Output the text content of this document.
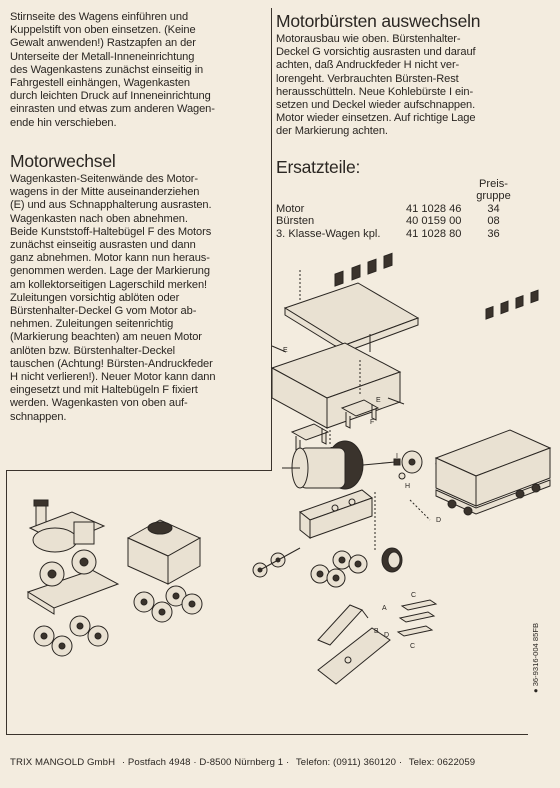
Stirnseite des Wagens einführen und
Kuppelstift von oben einsetzen. (Keine
Gewalt anwenden!) Rastzapfen an der
Unterseite der Metall-Inneneinrichtung
des Wagenkastens zunächst einseitig in
Fahrgestell einhängen, Wagenkasten
durch leichten Druck auf Inneneinrichtung
einrasten und etwas zum anderen Wagen-
ende hin verschieben.

Motorwechsel

Wagenkasten-Seitenwände des Motor-
wagens in der Mitte auseinanderziehen
(E) und aus Schnapphalterung ausrasten.
Wagenkasten nach oben abnehmen.
Beide Kunststoff-Haltebügel F des Motors
zunächst einseitig ausrasten und dann
ganz abnehmen. Motor kann nun heraus-
genommen werden. Lage der Markierung
am kollektorseitigen Lagerschild merken!
Zuleitungen vorsichtig ablöten oder
Bürstenhalter-Deckel G vom Motor ab-
nehmen. Zuleitungen seitenrichtig
(Markierung beachten) am neuen Motor
anlöten bzw. Bürstenhalter-Deckel
tauschen (Achtung! Bürsten-Andruckfeder
H nicht verlieren!). Neuer Motor kann dann
eingesetzt und mit Haltebügeln F fixiert
werden. Wagenkasten von oben auf-
schnappen.

Motorbürsten auswechseln

Motorausbau wie oben. Bürstenhalter-
Deckel G vorsichtig ausrasten und darauf
achten, daß Andruckfeder H nicht ver-
lorengeht. Verbrauchten Bürsten-Rest
herausschütteln. Neue Kohlebürste I ein-
setzen und Deckel wieder aufschnappen.
Motor wieder einsetzen. Auf richtige Lage
der Markierung achten.

Ersatzteile:
		Preis-
		gruppe
Motor	41 1028 46	34
Bürsten	40 0159 00	08
3. Klasse-Wagen kpl.	41 1028 80	36
E
E
F
I
H
A
B
D
C
C
D
● 36-9316-004 85FB
TRIX MANGOLD GmbH · Postfach 4948 · D-8500 Nürnberg 1 · Telefon: (0911) 360120 · Telex: 0622059
